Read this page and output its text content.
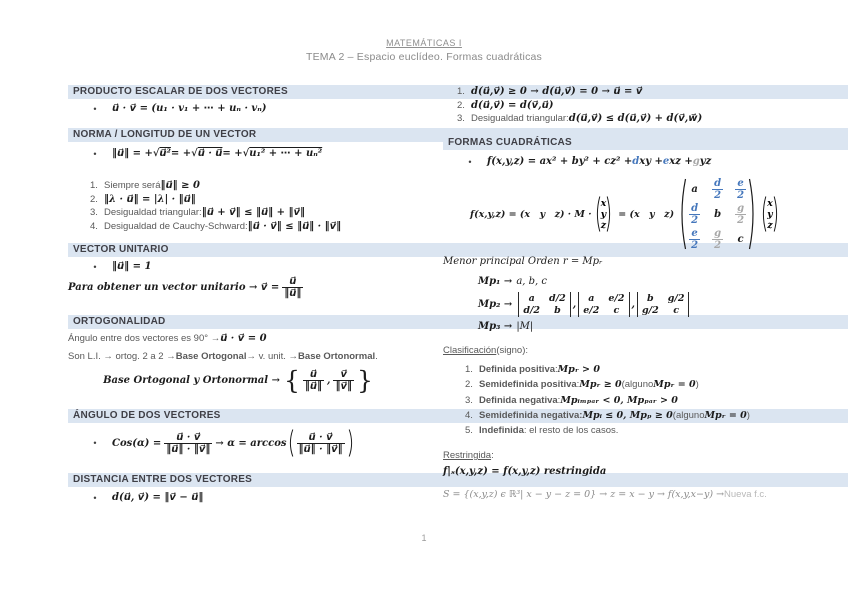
MATEMÁTICAS I
TEMA 2 – Espacio euclídeo. Formas cuadráticas
PRODUCTO ESCALAR DE DOS VECTORES
•	u⃗ · v⃗ = (u₁ · v₁ + ⋯ + uₙ · vₙ)
NORMA / LONGITUD DE UN VECTOR
•	‖u⃗‖ = +√ u⃗² = +√ u⃗ · u⃗ = +√ u₁² + ⋯ + uₙ²
1. Siempre será ‖u⃗‖ ≥ 0
2. ‖λ · u⃗‖ = |λ| · ‖u⃗‖
3. Desigualdad triangular: ‖u⃗ + v⃗‖ ≤ ‖u⃗‖ + ‖v⃗‖
4. Desigualdad de Cauchy-Schward: ‖u⃗ · v⃗‖ ≤ ‖u⃗‖ · ‖v⃗‖
VECTOR UNITARIO
•	‖u⃗‖ = 1
Para obtener un vector unitario → v⃗ = $\frac{u⃗}{‖u⃗‖}$
ORTOGONALIDAD
Ángulo entre dos vectores es 90° → u⃗ · v⃗ = 0
Son L.I. → ortog. 2 a 2 → Base Ortogonal → v. unit. → Base Ortonormal .
Base Ortogonal y Ortonormal → { $\frac{u⃗}{‖u⃗‖}$ , $\frac{v⃗}{‖v⃗‖}$ }
ÁNGULO DE DOS VECTORES
•	$Cos(\alpha) = \frac{u⃗ \cdot v⃗}{‖u⃗‖ \cdot ‖v⃗‖} \to \alpha = \arccos \frac{u⃗ \cdot v⃗}{‖u⃗‖ \cdot ‖v⃗‖}$
DISTANCIA ENTRE DOS VECTORES
•	d(u⃗, v⃗) = ‖v⃗ − u⃗‖
1. d(u⃗,v⃗) ≥ 0 → d(u⃗,v⃗) = 0 → u⃗ = v⃗
2. d(u⃗,v⃗) = d(v⃗,u⃗)
3. Desigualdad triangular: d(u⃗,v⃗) ≤ d(u⃗,v⃗) + d(v⃗,w⃗)
FORMAS CUADRÁTICAS
•	f(x,y,z) = ax² + by² + cz² + d xy + e xz + g yz
f(x,y,z) = (x  y  z) · M ·
x
y
z
= (x  y  z)
a $\frac{d}{2} \frac{e}{2}$
$\frac{d}{2}$ b $\frac{g}{2}$
$\frac{e}{2} \frac{g}{2}$ c
x
y
z
Menor principal Orden r = Mpᵣ
Mp₁ → a, b, c
Mp₂ →
a d/2
d/2 b
,
a e/2
e/2 c
,
b g/2
g/2 c
Mp₃ → |M|
Clasificación (signo):
1. Definida positiva : Mpᵣ > 0
2. Semidefinida positiva : Mpᵣ ≥ 0 (alguno Mpᵣ = 0 )
3. Definida negativa : Mpᵢₘₚₐᵣ < 0, Mpₚₐᵣ > 0
4. Semidefinida negativa: Mpᵢ ≤ 0, Mpₚ ≥ 0 (alguno Mpᵣ = 0 )
5. Indefinida : el resto de los casos.
Restringida :
f|ₛ(x,y,z) = f(x,y,z) restringida
S = {(x,y,z) ϵ ℝ³| x − y − z = 0} → z = x − y → f(x,y,x−y) → Nueva f.c.
1
